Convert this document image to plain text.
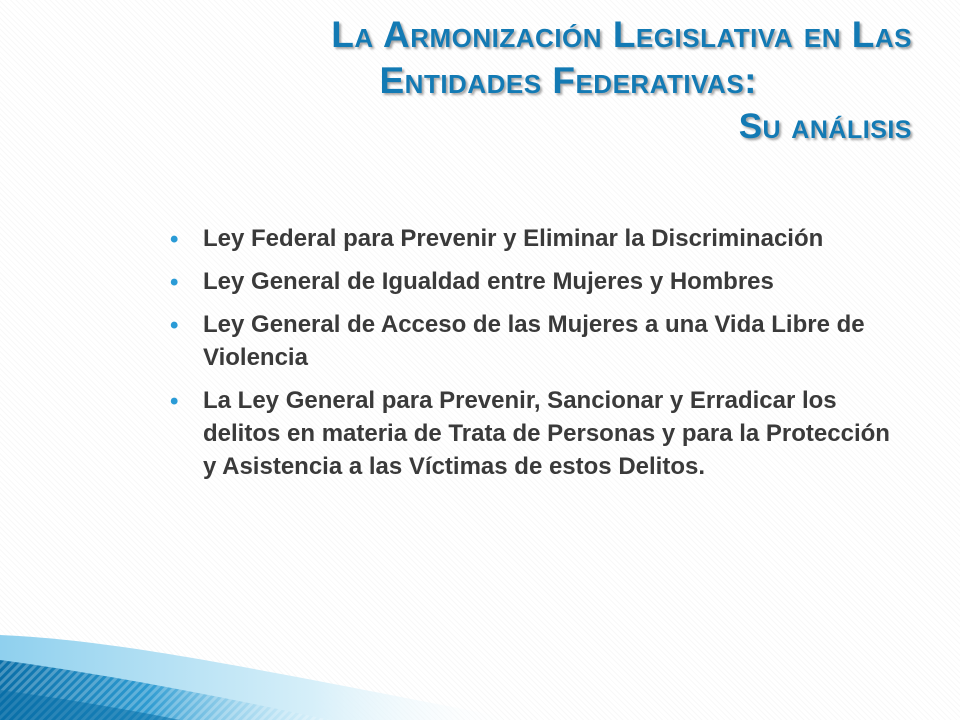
La Armonización Legislativa en Las
Entidades Federativas:
Su análisis
• Ley Federal para Prevenir y Eliminar la Discriminación
• Ley General de Igualdad entre Mujeres y Hombres
• Ley General de Acceso de las Mujeres a una Vida Libre de Violencia
• La Ley General para Prevenir, Sancionar y Erradicar los delitos en materia de Trata de Personas y para la Protección y Asistencia a las Víctimas de estos Delitos.
